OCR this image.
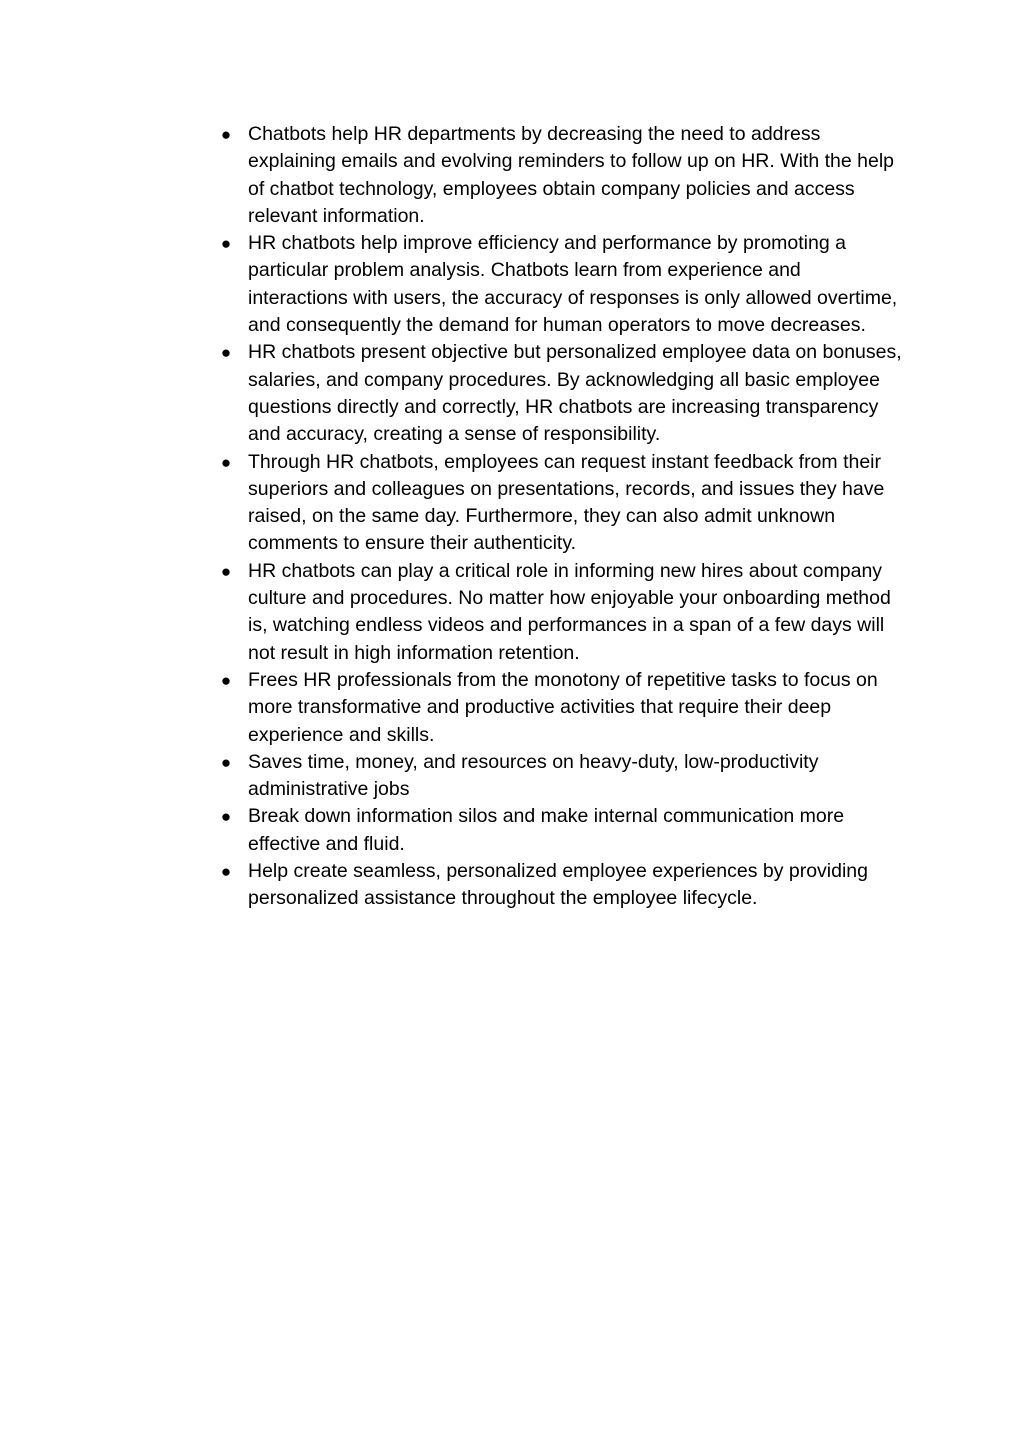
● Chatbots help HR departments by decreasing the need to address explaining emails and evolving reminders to follow up on HR. With the help of chatbot technology, employees obtain company policies and access relevant information.
● HR chatbots help improve efficiency and performance by promoting a particular problem analysis. Chatbots learn from experience and interactions with users, the accuracy of responses is only allowed overtime, and consequently the demand for human operators to move decreases.
● HR chatbots present objective but personalized employee data on bonuses, salaries, and company procedures. By acknowledging all basic employee questions directly and correctly, HR chatbots are increasing transparency and accuracy, creating a sense of responsibility.
● Through HR chatbots, employees can request instant feedback from their superiors and colleagues on presentations, records, and issues they have raised, on the same day. Furthermore, they can also admit unknown comments to ensure their authenticity.
● HR chatbots can play a critical role in informing new hires about company culture and procedures. No matter how enjoyable your onboarding method is, watching endless videos and performances in a span of a few days will not result in high information retention.
● Frees HR professionals from the monotony of repetitive tasks to focus on more transformative and productive activities that require their deep experience and skills.
● Saves time, money, and resources on heavy-duty, low-productivity administrative jobs
● Break down information silos and make internal communication more effective and fluid.
● Help create seamless, personalized employee experiences by providing personalized assistance throughout the employee lifecycle.
